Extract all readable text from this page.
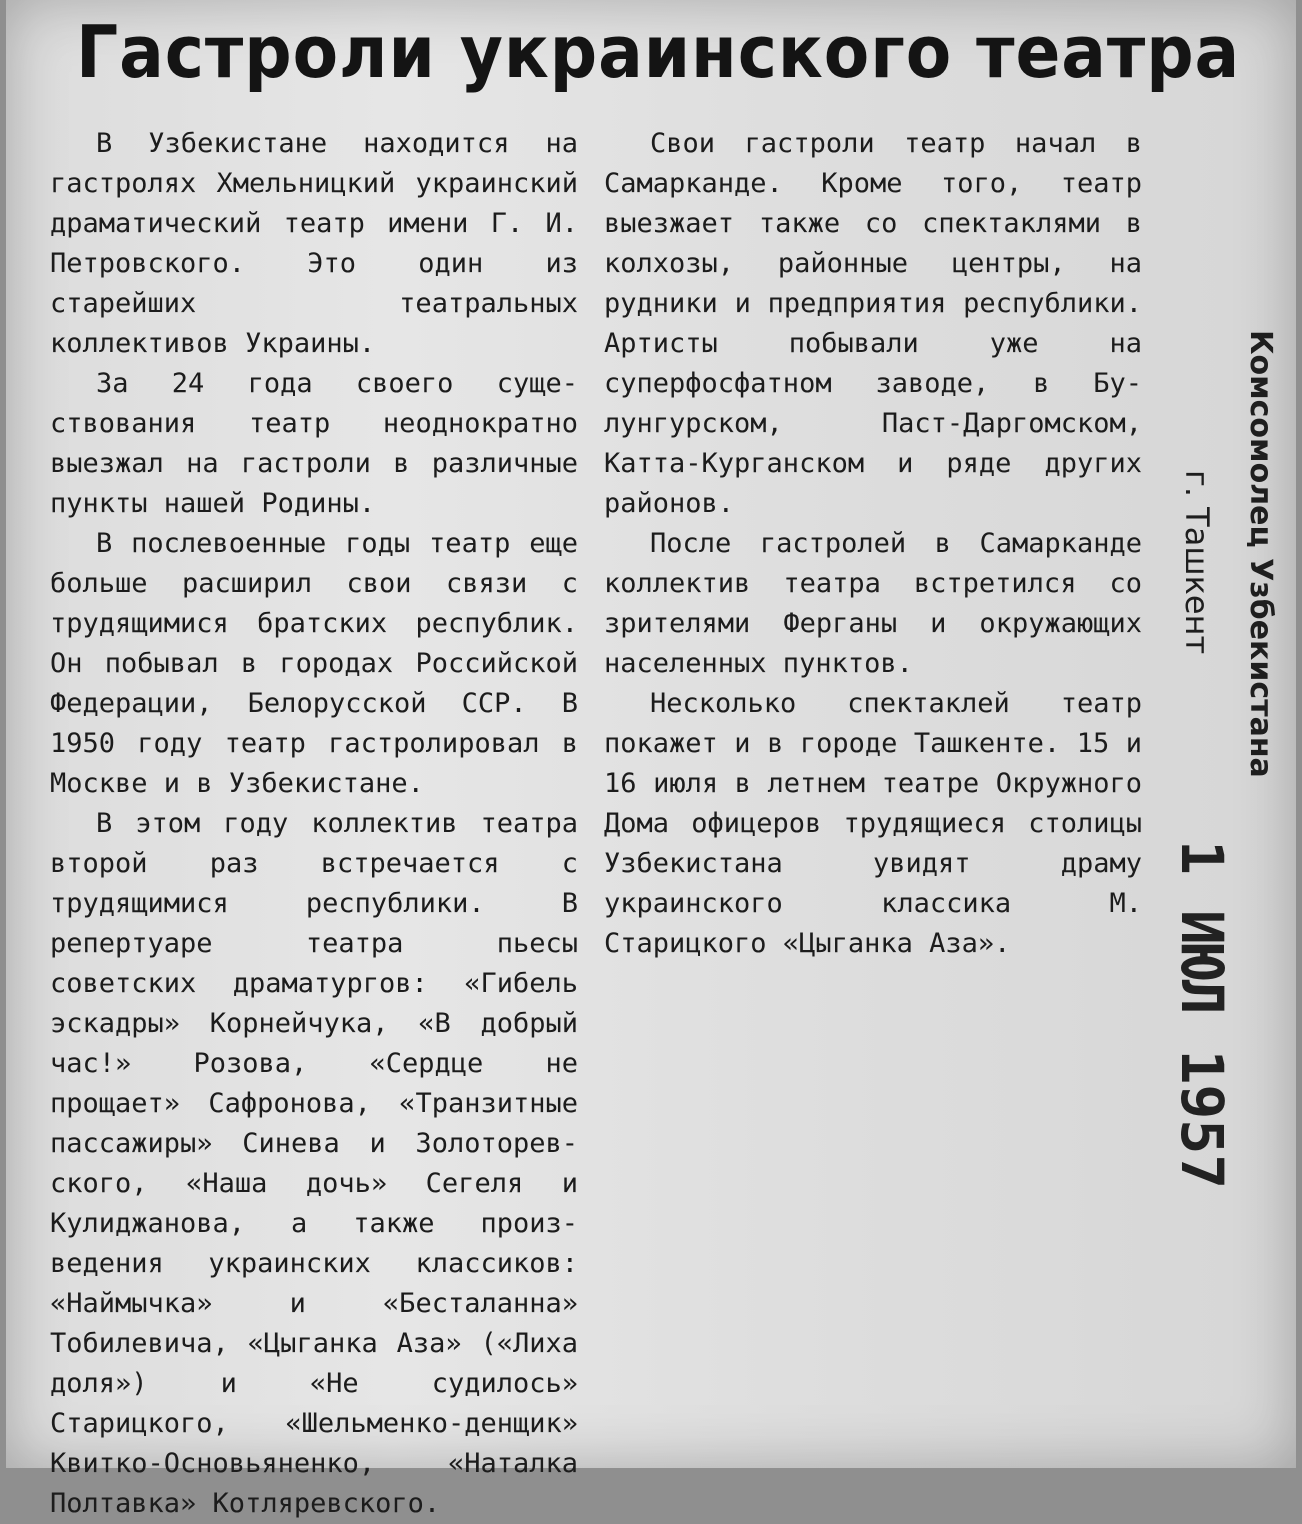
Гастроли украинского театра

В Узбекистане находится на гастролях Хмельницкий украинский драматический театр имени Г. И. Петровского. Это один из старейших театральных коллективов Украины.

За 24 года своего существования театр неоднократно выезжал на гастроли в различные пункты нашей Родины.

В послевоенные годы театр еще больше расширил свои связи с трудящимися братских республик. Он побывал в городах Российской Федерации, Белорусской ССР. В 1950 году театр гастролировал в Москве и в Узбекистане.

В этом году коллектив театра второй раз встречается с трудящимися республики. В репертуаре театра пьесы советских драматургов: «Гибель эскадры» Корнейчука, «В добрый час!» Розова, «Сердце не прощает» Сафронова, «Транзитные пассажиры» Синева и Золоторевского, «Наша дочь» Сегеля и Кулиджанова, а также произведения украинских классиков: «Наймычка» и «Бесталанна» Тобилевича, «Цыганка Аза» («Лиха доля») и «Не судилось» Старицкого, «Шельменко-денщик» Квитко-Основьяненко, «Наталка Полтавка» Котляревского.

Свои гастроли театр начал в Самарканде. Кроме того, театр выезжает также со спектаклями в колхозы, районные центры, на рудники и предприятия республики. Артисты побывали уже на суперфосфатном заводе, в Булунгурском, Паст-Даргомском, Катта-Курганском и ряде других районов.

После гастролей в Самарканде коллектив театра встретился со зрителями Ферганы и окружающих населенных пунктов.

Несколько спектаклей театр покажет и в городе Ташкенте. 15 и 16 июля в летнем театре Окружного Дома офицеров трудящиеся столицы Узбекистана увидят драму украинского классика М. Старицкого «Цыганка Аза».

Комсомолец Узбекистана
г. Ташкент
1 ИЮЛ 1957
